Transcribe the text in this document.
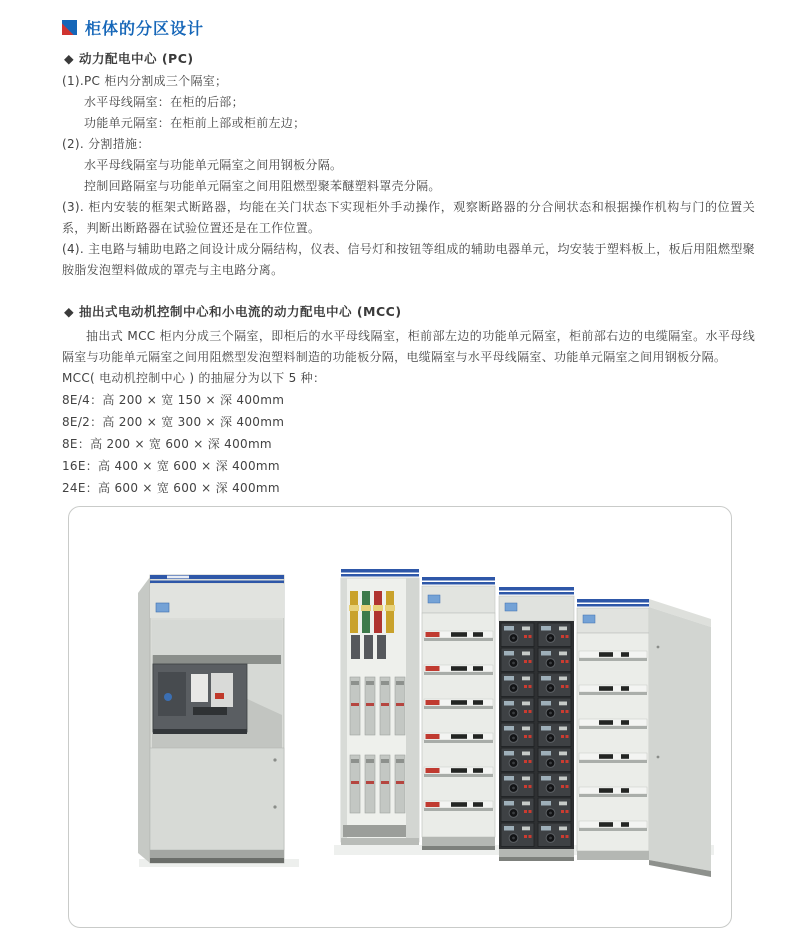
柜体的分区设计
◆ 动力配电中心 (PC)
(1).PC 柜内分割成三个隔室；
水平母线隔室：在柜的后部；
功能单元隔室：在柜前上部或柜前左边；
(2). 分割措施：
水平母线隔室与功能单元隔室之间用钢板分隔。
控制回路隔室与功能单元隔室之间用阻燃型聚苯醚塑料罩壳分隔。

(3). 柜内安装的框架式断路器，均能在关门状态下实现柜外手动操作，观察断路器的分合闸状态和根据操作机构与门的位置关系，判断出断路器在试验位置还是在工作位置。

(4). 主电路与辅助电路之间设计成分隔结构，仪表、信号灯和按钮等组成的辅助电器单元，均安装于塑料板上，板后用阻燃型聚胺脂发泡塑料做成的罩壳与主电路分离。

◆ 抽出式电动机控制中心和小电流的动力配电中心 (MCC)

抽出式 MCC 柜内分成三个隔室，即柜后的水平母线隔室，柜前部左边的功能单元隔室，柜前部右边的电缆隔室。水平母线隔室与功能单元隔室之间用阻燃型发泡塑料制造的功能板分隔，电缆隔室与水平母线隔室、功能单元隔室之间用钢板分隔。

MCC( 电动机控制中心 ) 的抽屉分为以下 5 种：
8E/4：高 200 × 宽 150 × 深 400mm
8E/2：高 200 × 宽 300 × 深 400mm
8E：高 200 × 宽 600 × 深 400mm
16E：高 400 × 宽 600 × 深 400mm
24E：高 600 × 宽 600 × 深 400mm
